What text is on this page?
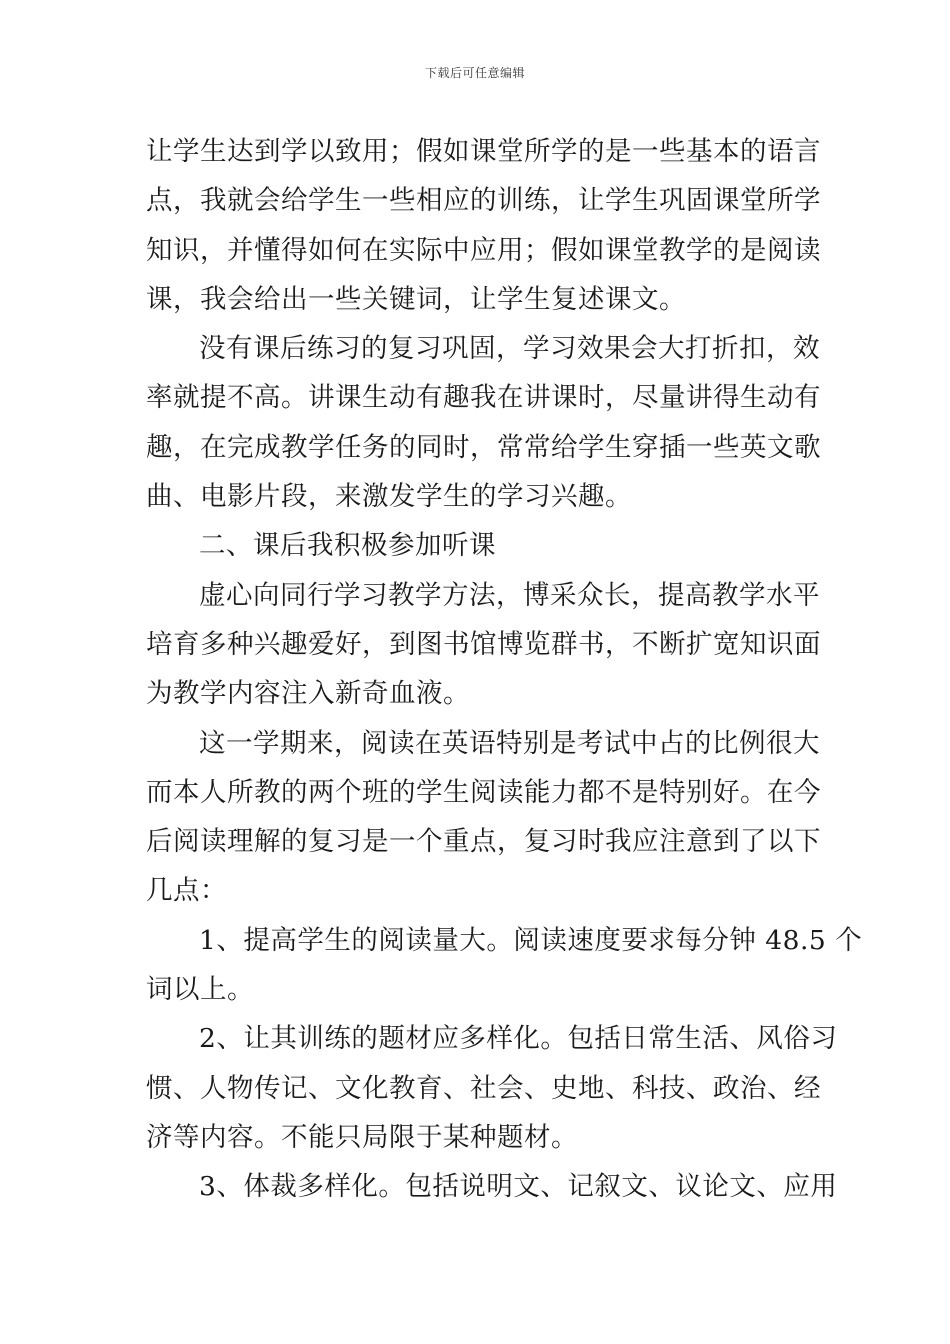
下载后可任意编辑
让学生达到学以致用；假如课堂所学的是一些基本的语言
点，我就会给学生一些相应的训练，让学生巩固课堂所学
知识，并懂得如何在实际中应用；假如课堂教学的是阅读
课，我会给出一些关键词，让学生复述课文。
没有课后练习的复习巩固，学习效果会大打折扣，效
率就提不高。讲课生动有趣我在讲课时，尽量讲得生动有
趣，在完成教学任务的同时，常常给学生穿插一些英文歌
曲、电影片段，来激发学生的学习兴趣。
二、课后我积极参加听课
虚心向同行学习教学方法，博采众长，提高教学水平
培育多种兴趣爱好，到图书馆博览群书，不断扩宽知识面
为教学内容注入新奇血液。
这一学期来，阅读在英语特别是考试中占的比例很大
而本人所教的两个班的学生阅读能力都不是特别好。在今
后阅读理解的复习是一个重点，复习时我应注意到了以下
几点：
1、提高学生的阅读量大。阅读速度要求每分钟 48.5 个
词以上。
2、让其训练的题材应多样化。包括日常生活、风俗习
惯、人物传记、文化教育、社会、史地、科技、政治、经
济等内容。不能只局限于某种题材。
3、体裁多样化。包括说明文、记叙文、议论文、应用
